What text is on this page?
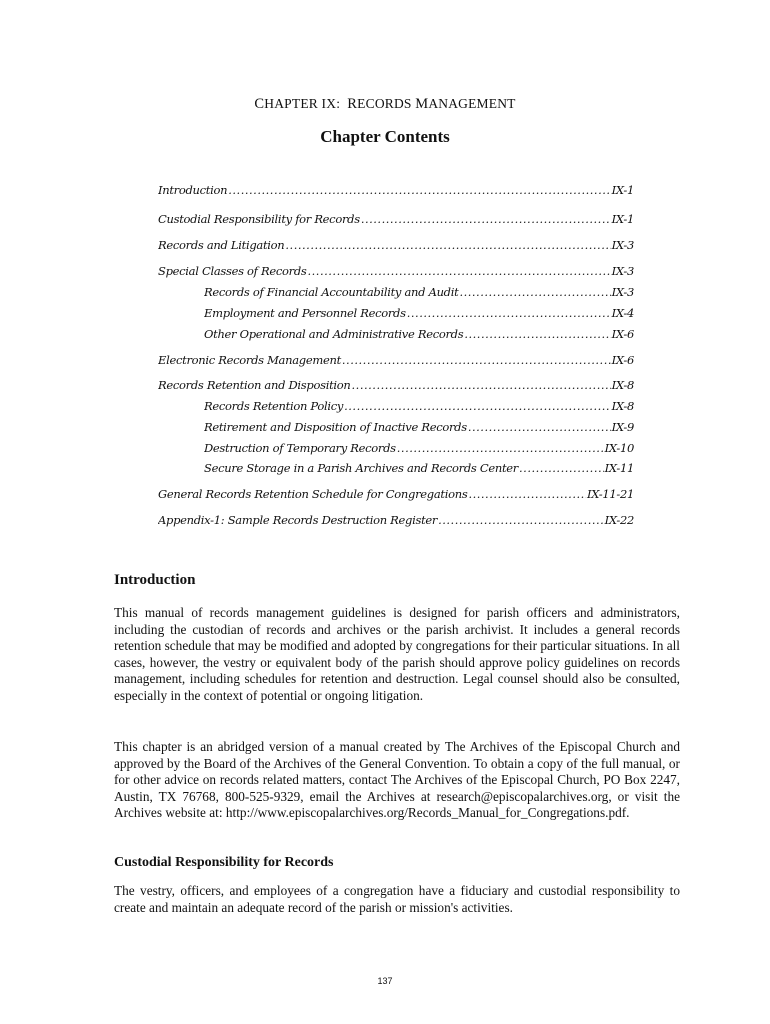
CHAPTER IX: RECORDS MANAGEMENT
Chapter Contents
Introduction .....	IX-1
Custodial Responsibility for Records .....	IX-1
Records and Litigation .....	IX-3
Special Classes of Records .....	IX-3
Records of Financial Accountability and Audit .....	IX-3
Employment and Personnel Records .....	IX-4
Other Operational and Administrative Records .....	IX-6
Electronic Records Management .....	IX-6
Records Retention and Disposition .....	IX-8
Records Retention Policy .....	IX-8
Retirement and Disposition of Inactive Records .....	IX-9
Destruction of Temporary Records .....	IX-10
Secure Storage in a Parish Archives and Records Center .....	IX-11
General Records Retention Schedule for Congregations .....	IX-11-21
Appendix-1: Sample Records Destruction Register .....	IX-22
Introduction

This manual of records management guidelines is designed for parish officers and administrators, including the custodian of records and archives or the parish archivist. It includes a general records retention schedule that may be modified and adopted by congregations for their particular situations. In all cases, however, the vestry or equivalent body of the parish should approve policy guidelines on records management, including schedules for retention and destruction. Legal counsel should also be consulted, especially in the context of potential or ongoing litigation.

This chapter is an abridged version of a manual created by The Archives of the Episcopal Church and approved by the Board of the Archives of the General Convention. To obtain a copy of the full manual, or for other advice on records related matters, contact The Archives of the Episcopal Church, PO Box 2247, Austin, TX 76768, 800-525-9329, email the Archives at research@episcopalarchives.org, or visit the Archives website at: http://www.episcopalarchives.org/Records_Manual_for_Congregations.pdf.

Custodial Responsibility for Records

The vestry, officers, and employees of a congregation have a fiduciary and custodial responsibility to create and maintain an adequate record of the parish or mission's activities.

137
